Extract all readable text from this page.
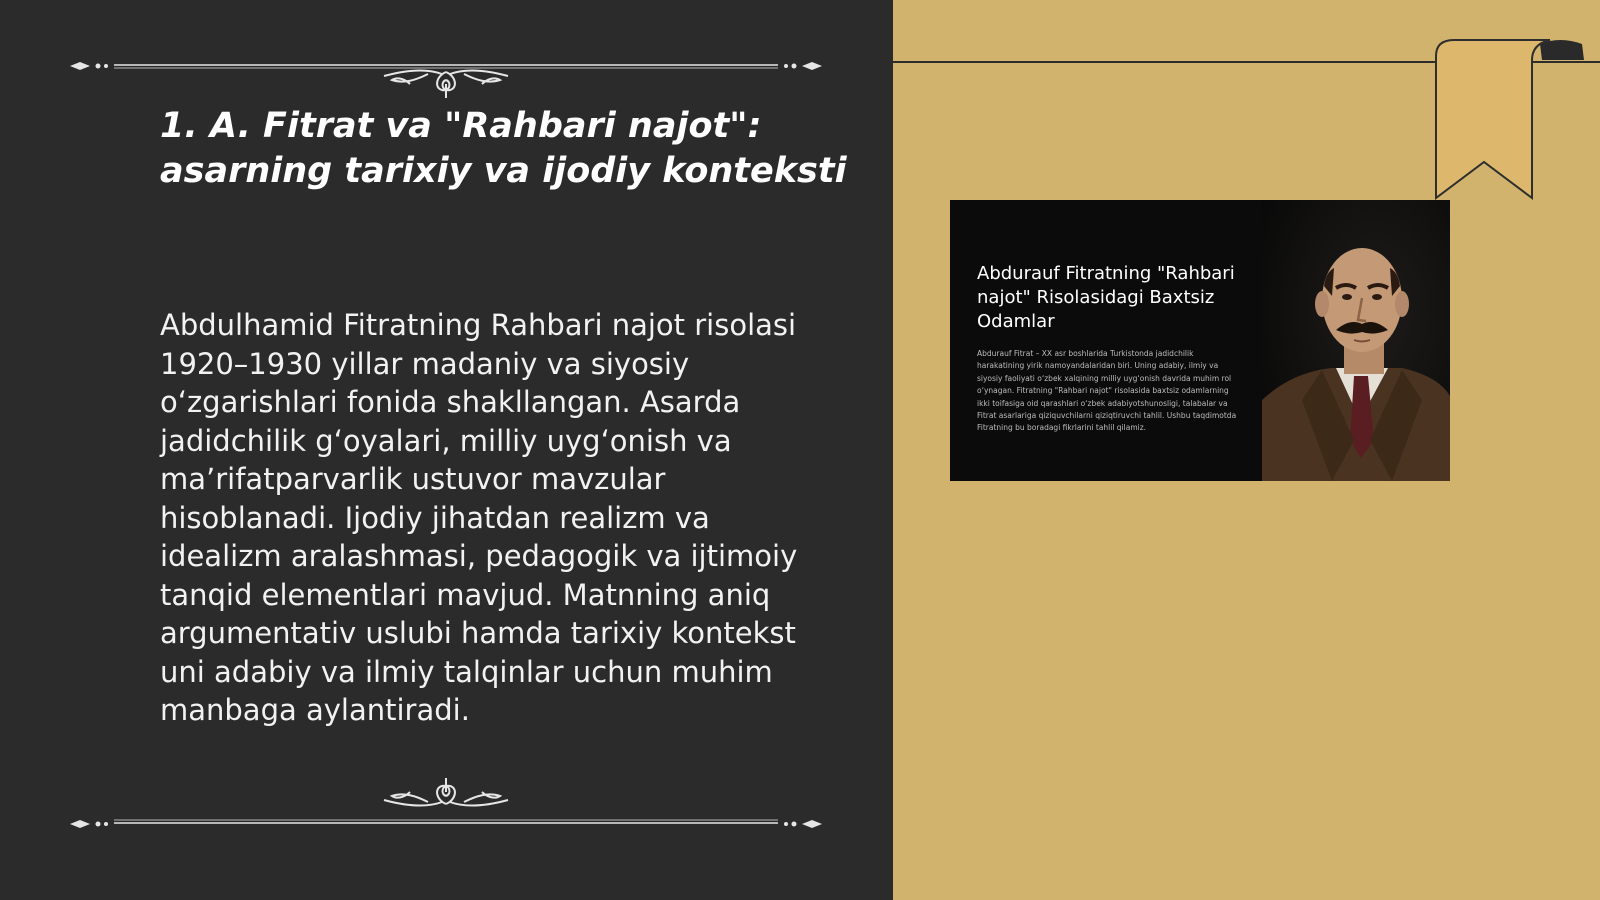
1. A. Fitrat va "Rahbari najot": asarning tarixiy va ijodiy konteksti

Abdulhamid Fitratning Rahbari najot risolasi 1920–1930 yillar madaniy va siyosiy oʻzgarishlari fonida shakllangan. Asarda jadidchilik gʻoyalari, milliy uygʻonish va maʼrifatparvarlik ustuvor mavzular hisoblanadi. Ijodiy jihatdan realizm va idealizm aralashmasi, pedagogik va ijtimoiy tanqid elementlari mavjud. Matnning aniq argumentativ uslubi hamda tarixiy kontekst uni adabiy va ilmiy talqinlar uchun muhim manbaga aylantiradi.

Abdurauf Fitratning "Rahbari najot" Risolasidagi Baxtsiz Odamlar

Abdurauf Fitrat – XX asr boshlarida Turkistonda jadidchilik harakatining yirik namoyandalaridan biri. Uning adabiy, ilmiy va siyosiy faoliyati oʻzbek xalqining milliy uygʻonish davrida muhim rol oʻynagan. Fitratning "Rahbari najot" risolasida baxtsiz odamlarning ikki toifasiga oid qarashlari oʻzbek adabiyotshunosligi, talabalar va Fitrat asarlariga qiziquvchilarni qiziqtiruvchi tahlil. Ushbu taqdimotda Fitratning bu boradagi fikrlarini tahlil qilamiz.
